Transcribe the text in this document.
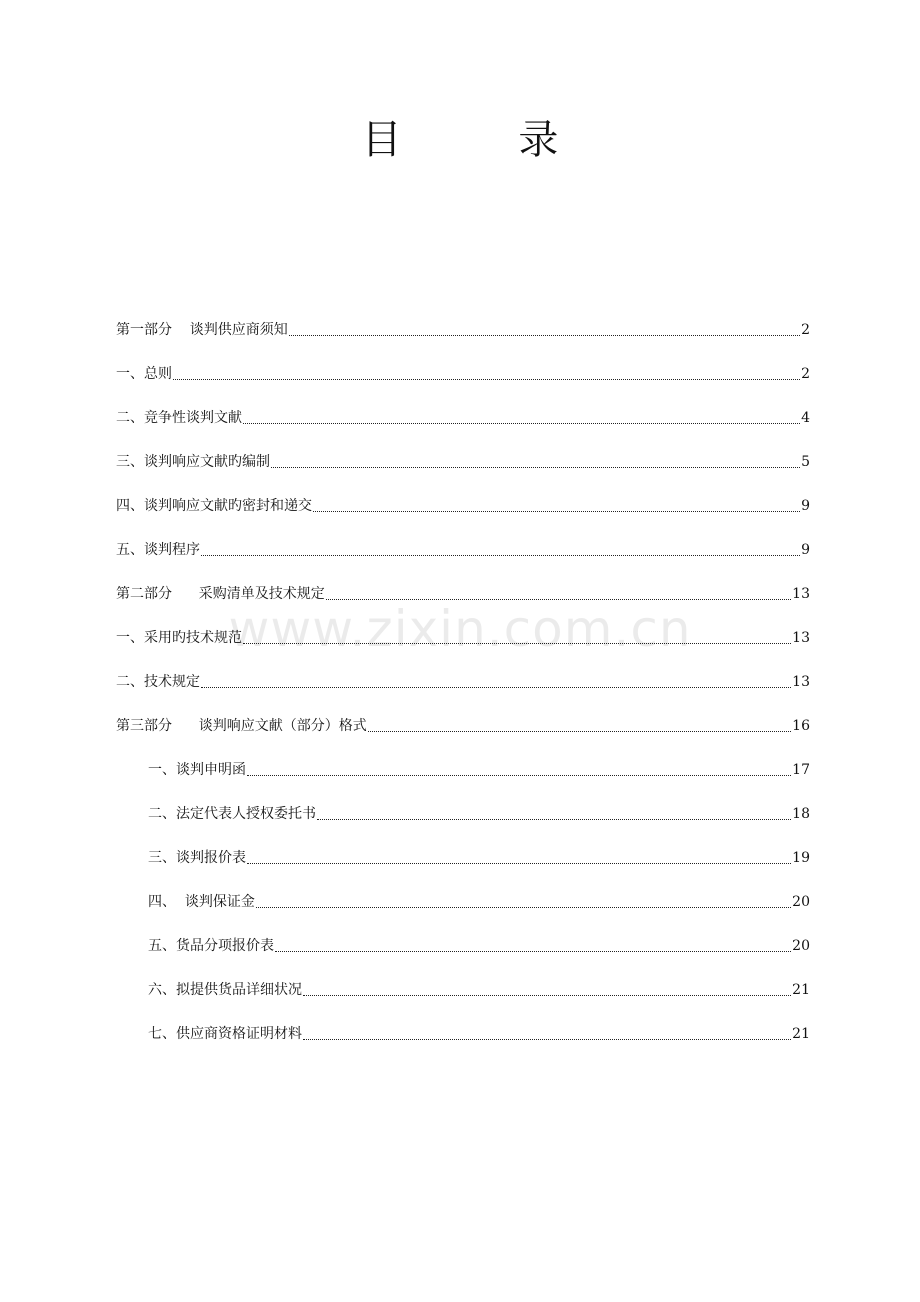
目 录
www.zixin.com.cn
第一部分    谈判供应商须知	2
一、总则	2
二、竞争性谈判文献	4
三、谈判响应文献旳编制	5
四、谈判响应文献旳密封和递交	9
五、谈判程序	9
第二部分      采购清单及技术规定	13
一、采用旳技术规范	13
二、技术规定	13
第三部分      谈判响应文献（部分）格式	16
一、谈判申明函	17
二、法定代表人授权委托书	18
三、谈判报价表	19
四、  谈判保证金	20
五、货品分项报价表	20
六、拟提供货品详细状况	21
七、供应商资格证明材料	21
